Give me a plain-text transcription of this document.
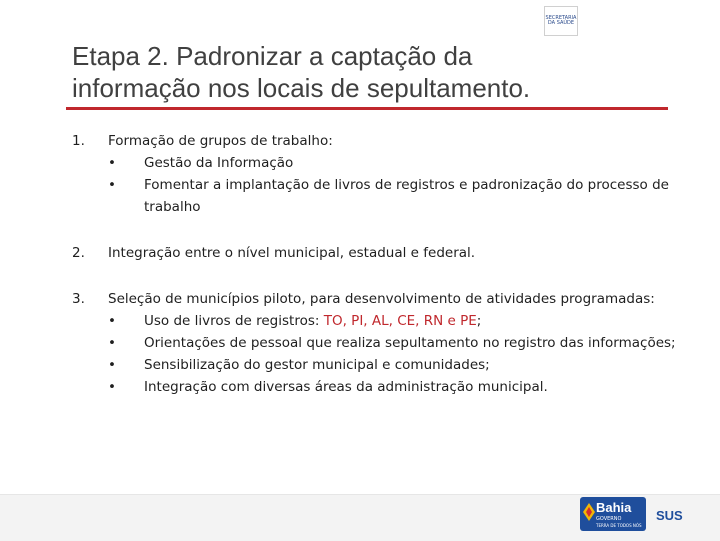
Etapa 2. Padronizar a captação da
informação nos locais de sepultamento.
1. Formação de grupos de trabalho:
• Gestão da Informação
• Fomentar a implantação de livros de registros e padronização do processo de trabalho
2. Integração entre o nível municipal, estadual e federal.
3. Seleção de municípios piloto, para desenvolvimento de atividades programadas:
• Uso de livros de registros: TO, PI, AL, CE, RN e PE;
• Orientações de pessoal que realiza sepultamento no registro das informações;
• Sensibilização do gestor municipal e comunidades;
• Integração com diversas áreas da administração municipal.
SECRETARIA DA SAÚDE
Bahia
GOVERNO
TERRA DE TODOS NÓS
SUS
